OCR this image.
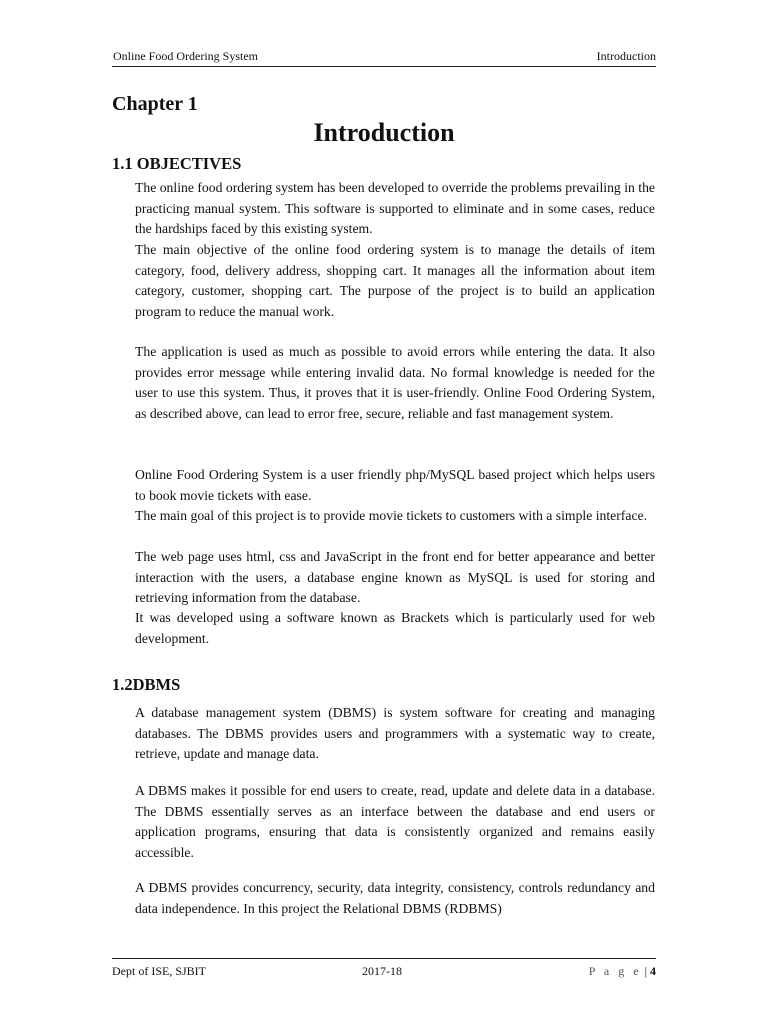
Online Food Ordering System	Introduction
Chapter 1
Introduction
1.1 OBJECTIVES

The online food ordering system has been developed to override the problems prevailing in the practicing manual system. This software is supported to eliminate and in some cases, reduce the hardships faced by this existing system.

The main objective of the online food ordering system is to manage the details of item category, food, delivery address, shopping cart. It manages all the information about item category, customer, shopping cart. The purpose of the project is to build an application program to reduce the manual work.

The application is used as much as possible to avoid errors while entering the data. It also provides error message while entering invalid data. No formal knowledge is needed for the user to use this system. Thus, it proves that it is user-friendly. Online Food Ordering System, as described above, can lead to error free, secure, reliable and fast management system.

Online Food Ordering System is a user friendly php/MySQL based project which helps users to book movie tickets with ease.

The main goal of this project is to provide movie tickets to customers with a simple interface.

The web page uses html, css and JavaScript in the front end for better appearance and better interaction with the users, a database engine known as MySQL is used for storing and retrieving information from the database.

It was developed using a software known as Brackets which is particularly used for web development.

1.2DBMS

A database management system (DBMS) is system software for creating and managing databases. The DBMS provides users and programmers with a systematic way to create, retrieve, update and manage data.

A DBMS makes it possible for end users to create, read, update and delete data in a database. The DBMS essentially serves as an interface between the database and end users or application programs, ensuring that data is consistently organized and remains easily accessible.

A DBMS provides concurrency, security, data integrity, consistency, controls redundancy and data independence. In this project the Relational DBMS (RDBMS)

Dept of ISE, SJBIT	2017-18	P a g e | 4
